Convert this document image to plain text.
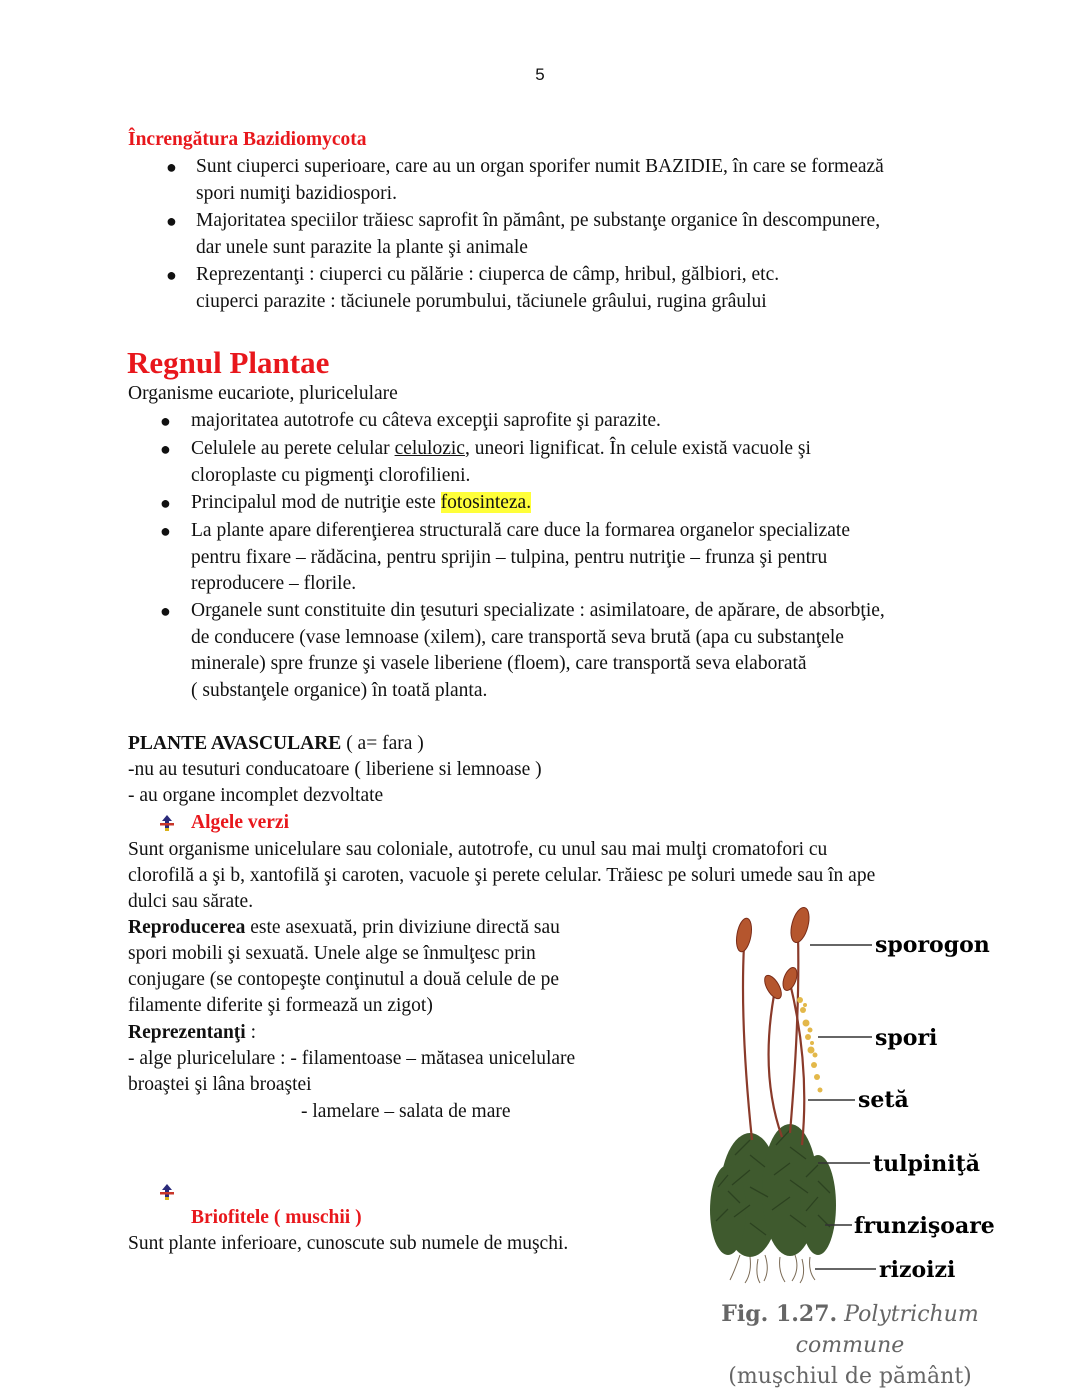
5
Încrengătura Bazidiomycota
● Sunt ciuperci superioare, care au un organ sporifer numit BAZIDIE, în care se formează
spori numiţi bazidiospori.
● Majoritatea speciilor trăiesc saprofit în pământ, pe substanţe organice în descompunere,
dar unele sunt parazite la plante şi animale
● Reprezentanţi : ciuperci cu pălărie : ciuperca de câmp, hribul, gălbiori, etc.
ciuperci parazite : tăciunele porumbului, tăciunele grâului, rugina grâului
Regnul Plantae
Organisme eucariote, pluricelulare
● majoritatea autotrofe cu câteva excepţii saprofite şi parazite.
● Celulele au perete celular celulozic, uneori lignificat. În celule există vacuole şi
cloroplaste cu pigmenţi clorofilieni.
● Principalul mod de nutriţie este fotosinteza.
● La plante apare diferenţierea structurală care duce la formarea organelor specializate
pentru fixare – rădăcina, pentru sprijin – tulpina, pentru nutriţie – frunza şi pentru
reproducere – florile.
● Organele sunt constituite din ţesuturi specializate : asimilatoare, de apărare, de absorbţie,
de conducere (vase lemnoase (xilem), care transportă seva brută (apa cu substanţele
minerale) spre frunze şi vasele liberiene (floem), care transportă seva elaborată
( substanţele organice) în toată planta.
PLANTE AVASCULARE ( a= fara )
-nu au tesuturi conducatoare ( liberiene si lemnoase )
- au organe incomplet dezvoltate
Algele verzi
Sunt organisme unicelulare sau coloniale, autotrofe, cu unul sau mai mulţi cromatofori cu
clorofilă a şi b, xantofilă şi caroten, vacuole şi perete celular. Trăiesc pe soluri umede sau în ape
dulci sau sărate.
Reproducerea este asexuată, prin diviziune directă sau
spori mobili şi sexuată. Unele alge se înmulţesc prin
conjugare (se contopeşte conţinutul a două celule de pe
filamente diferite şi formează un zigot)
Reprezentanţi :
- alge pluricelulare : - filamentoase – mătasea unicelulare
broaştei şi lâna broaştei
- lamelare – salata de mare
Briofitele ( muschii )
Sunt plante inferioare, cunoscute sub numele de muşchi.
sporogon
spori
setă
tulpiniţă
frunzişoare
rizoizi
Fig. 1.27. Polytrichum
commune
(muşchiul de pământ)
